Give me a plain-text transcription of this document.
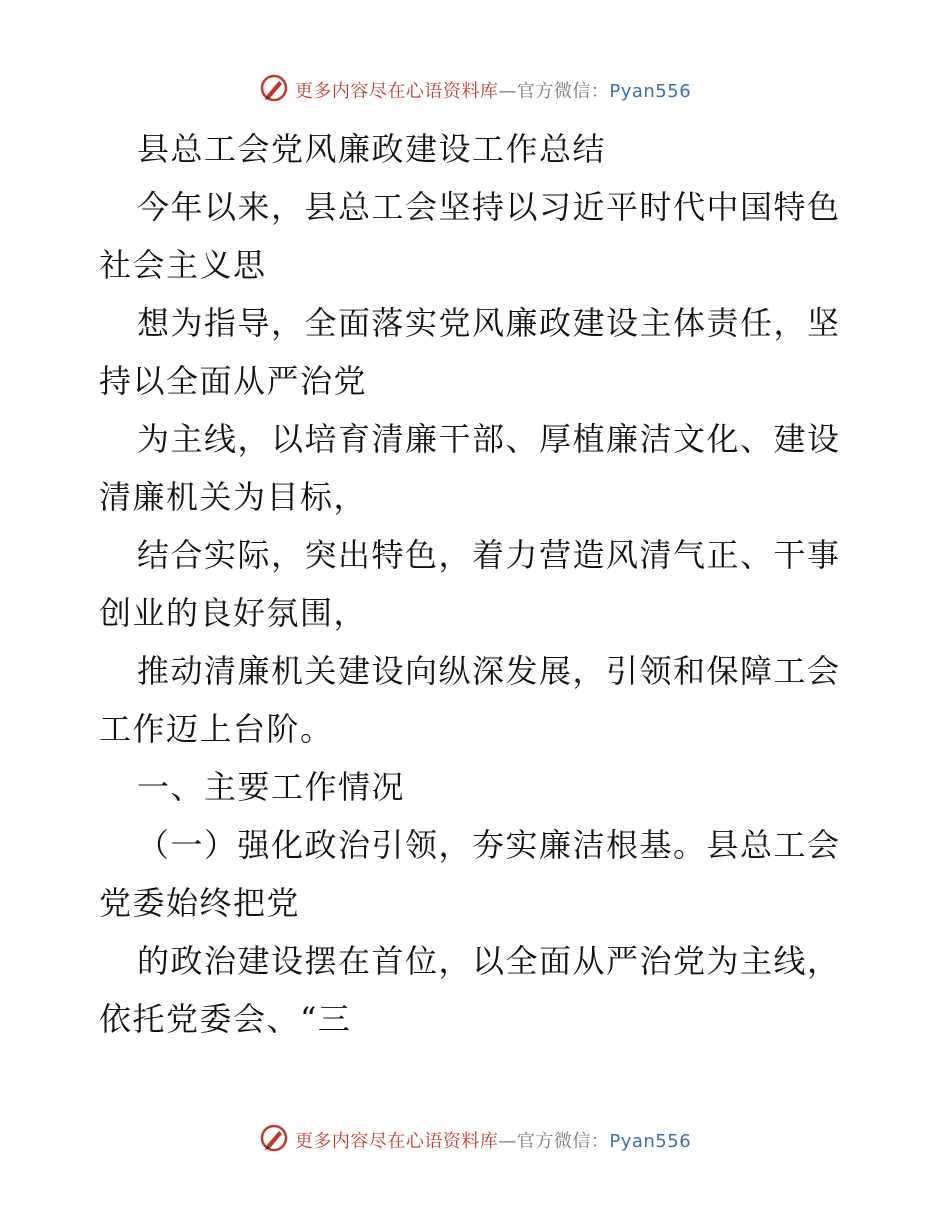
更多内容尽在心语资料库—官方微信：Pyan556

县总工会党风廉政建设工作总结

今年以来，县总工会坚持以习近平时代中国特色社会主义思

想为指导，全面落实党风廉政建设主体责任，坚持以全面从严治党

为主线，以培育清廉干部、厚植廉洁文化、建设清廉机关为目标，

结合实际，突出特色，着力营造风清气正、干事创业的良好氛围，

推动清廉机关建设向纵深发展，引领和保障工会工作迈上台阶。

一、主要工作情况

（一）强化政治引领，夯实廉洁根基。县总工会党委始终把党

的政治建设摆在首位，以全面从严治党为主线，依托党委会、“三

更多内容尽在心语资料库—官方微信：Pyan556
